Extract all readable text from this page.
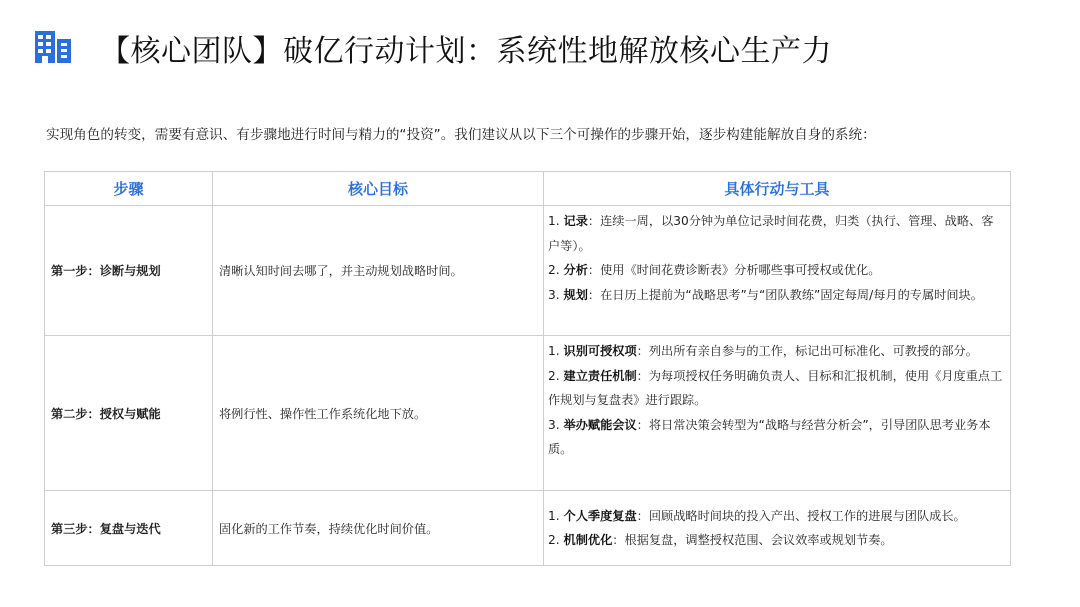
【核心团队】破亿行动计划：系统性地解放核心生产力
实现角色的转变，需要有意识、有步骤地进行时间与精力的“投资”。我们建议从以下三个可操作的步骤开始，逐步构建能解放自身的系统：
步骤	核心目标	具体行动与工具
第一步：诊断与规划	清晰认知时间去哪了，并主动规划战略时间。	1. 记录：连续一周，以30分钟为单位记录时间花费，归类（执行、管理、战略、客户等）。
2. 分析：使用《时间花费诊断表》分析哪些事可授权或优化。
3. 规划：在日历上提前为“战略思考”与“团队教练”固定每周/每月的专属时间块。

第二步：授权与赋能	将例行性、操作性工作系统化地下放。	1. 识别可授权项：列出所有亲自参与的工作，标记出可标准化、可教授的部分。
2. 建立责任机制：为每项授权任务明确负责人、目标和汇报机制，使用《月度重点工作规划与复盘表》进行跟踪。
3. 举办赋能会议：将日常决策会转型为“战略与经营分析会”，引导团队思考业务本质。

第三步：复盘与迭代	固化新的工作节奏，持续优化时间价值。	1. 个人季度复盘：回顾战略时间块的投入产出、授权工作的进展与团队成长。
2. 机制优化：根据复盘，调整授权范围、会议效率或规划节奏。
